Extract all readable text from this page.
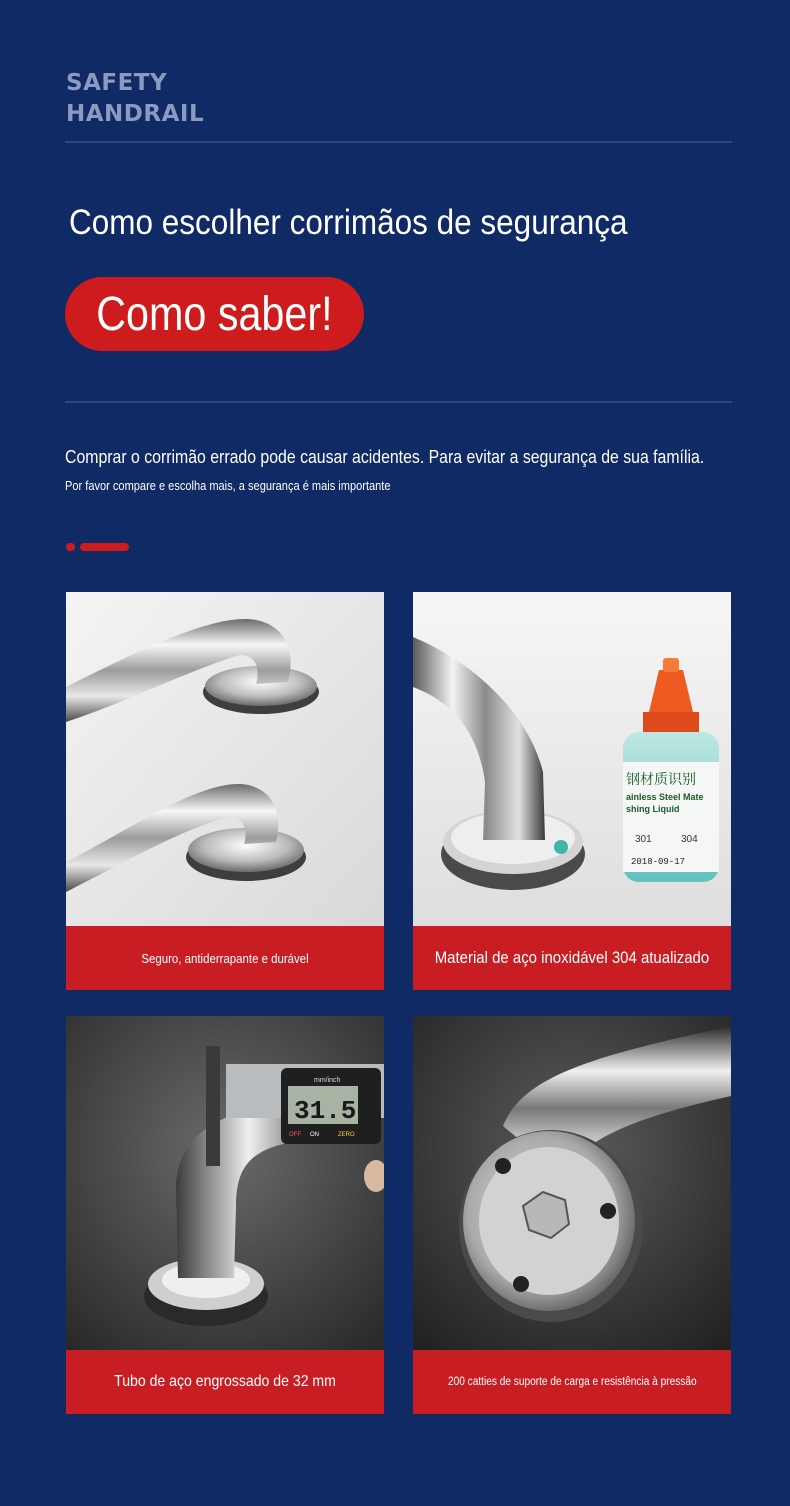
SAFETY
HANDRAIL
Como escolher corrimãos de segurança
Como saber!
Comprar o corrimão errado pode causar acidentes. Para evitar a segurança de sua família.
Por favor compare e escolha mais, a segurança é mais importante
Seguro, antiderrapante e durável
钢材质识别
ainless Steel Mate
shing Liquid
301	304
2018-09-17
Material de aço inoxidável 304 atualizado
mm/inch
31.5
OFF ON	ZERO
Tubo de aço engrossado de 32 mm	200 catties de suporte de carga e resistência à pressão
